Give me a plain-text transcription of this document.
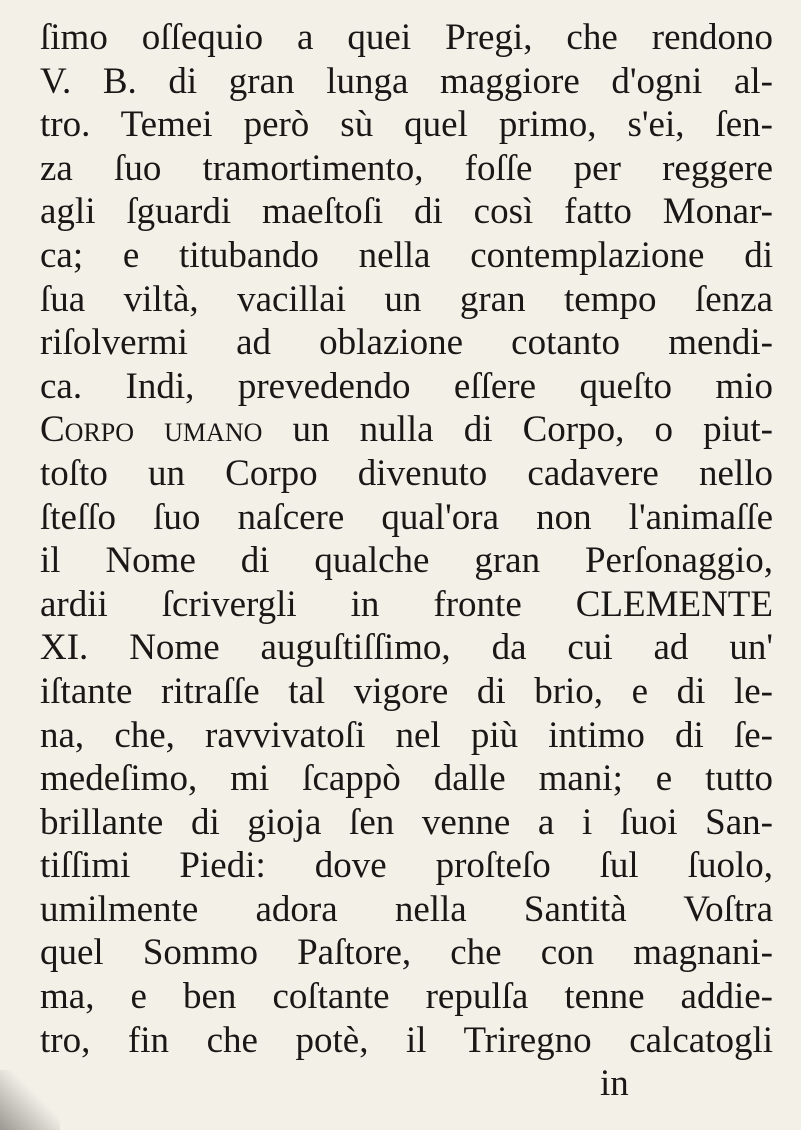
ſimo oſſequio a quei Pregi, che rendono
V. B. di gran lunga maggiore d'ogni al-
tro. Temei però sù quel primo, s'ei, ſen-
za ſuo tramortimento, foſſe per reggere
agli ſguardi maeſtoſi di così fatto Monar-
ca; e titubando nella contemplazione di
ſua viltà, vacillai un gran tempo ſenza
riſolvermi ad oblazione cotanto mendi-
ca. Indi, prevedendo eſſere queſto mio
Corpo umano un nulla di Corpo, o piut-
toſto un Corpo divenuto cadavere nello
ſteſſo ſuo naſcere qual'ora non l'animaſſe
il Nome di qualche gran Perſonaggio,
ardii ſcrivergli in fronte CLEMENTE
XI. Nome auguſtiſſimo, da cui ad un'
iſtante ritraſſe tal vigore di brio, e di le-
na, che, ravvivatoſi nel più intimo di ſe-
medeſimo, mi ſcappò dalle mani; e tutto
brillante di gioja ſen venne a i ſuoi San-
tiſſimi Piedi: dove proſteſo ſul ſuolo,
umilmente adora nella Santità Voſtra
quel Sommo Paſtore, che con magnani-
ma, e ben coſtante repulſa tenne addie-
tro, fin che potè, il Triregno calcatogli
in
